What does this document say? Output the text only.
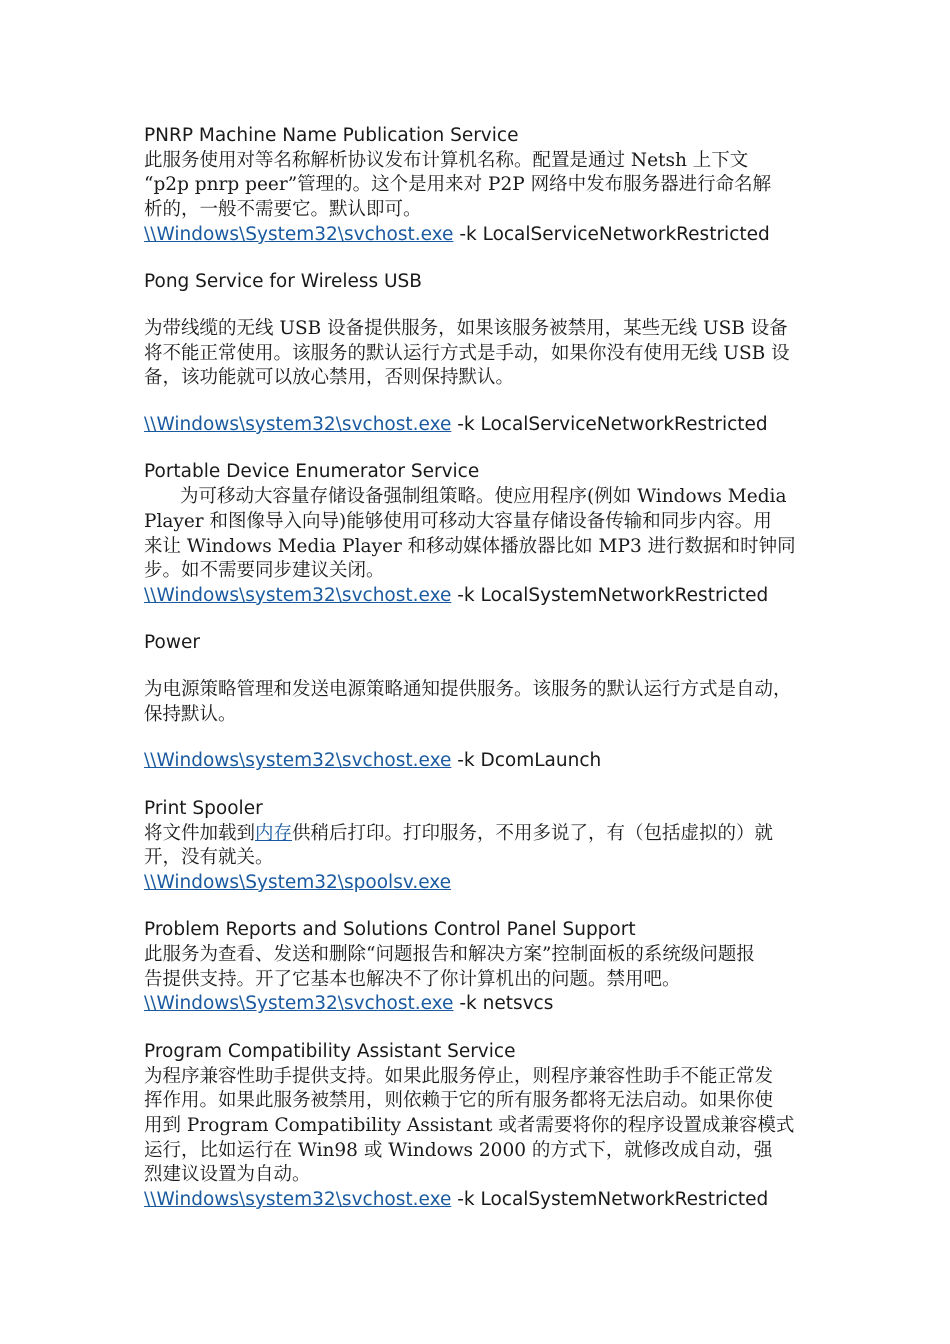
PNRP Machine Name Publication Service
此服务使用对等名称解析协议发布计算机名称。配置是通过 Netsh 上下文
“p2p pnrp peer”管理的。这个是用来对 P2P 网络中发布服务器进行命名解
析的，一般不需要它。默认即可。
\\Windows\System32\svchost.exe -k LocalServiceNetworkRestricted
Pong Service for Wireless USB
为带线缆的无线 USB 设备提供服务，如果该服务被禁用，某些无线 USB 设备
将不能正常使用。该服务的默认运行方式是手动，如果你没有使用无线 USB 设
备，该功能就可以放心禁用，否则保持默认。
\\Windows\system32\svchost.exe -k LocalServiceNetworkRestricted
Portable Device Enumerator Service
为可移动大容量存储设备强制组策略。使应用程序(例如 Windows Media
Player 和图像导入向导)能够使用可移动大容量存储设备传输和同步内容。用
来让 Windows Media Player 和移动媒体播放器比如 MP3 进行数据和时钟同
步。如不需要同步建议关闭。
\\Windows\system32\svchost.exe -k LocalSystemNetworkRestricted
Power
为电源策略管理和发送电源策略通知提供服务。该服务的默认运行方式是自动，
保持默认。
\\Windows\system32\svchost.exe -k DcomLaunch
Print Spooler
将文件加载到内存供稍后打印。打印服务，不用多说了，有（包括虚拟的）就
开，没有就关。
\\Windows\System32\spoolsv.exe
Problem Reports and Solutions Control Panel Support
此服务为查看、发送和删除“问题报告和解决方案”控制面板的系统级问题报
告提供支持。开了它基本也解决不了你计算机出的问题。禁用吧。
\\Windows\System32\svchost.exe -k netsvcs
Program Compatibility Assistant Service
为程序兼容性助手提供支持。如果此服务停止，则程序兼容性助手不能正常发
挥作用。如果此服务被禁用，则依赖于它的所有服务都将无法启动。如果你使
用到 Program Compatibility Assistant 或者需要将你的程序设置成兼容模式
运行，比如运行在 Win98 或 Windows 2000 的方式下，就修改成自动，强
烈建议设置为自动。
\\Windows\system32\svchost.exe -k LocalSystemNetworkRestricted
